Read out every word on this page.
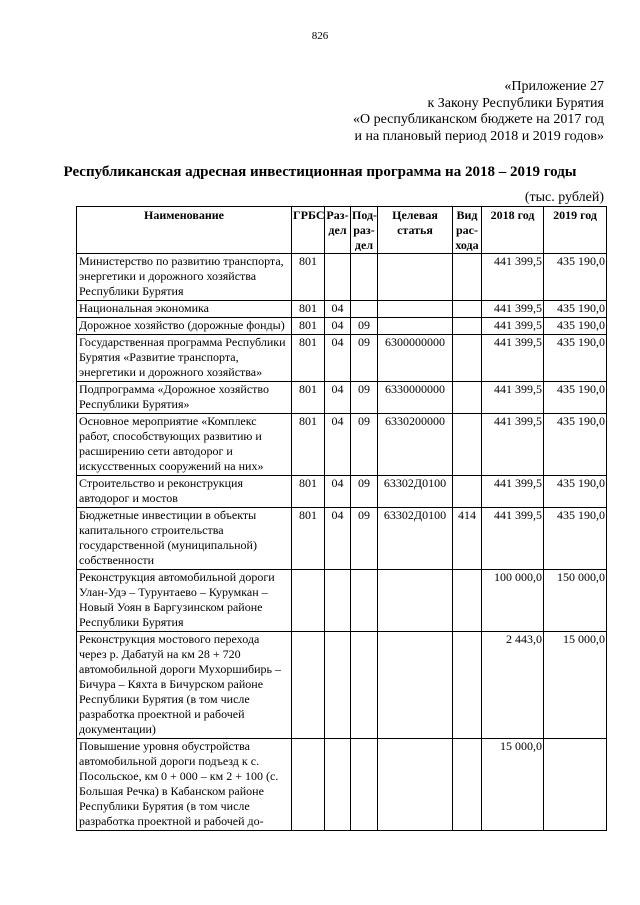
826
«Приложение 27
к Закону Республики Бурятия
«О республиканском бюджете на 2017 год
и на плановый период 2018 и 2019 годов»
Республиканская адресная инвестиционная программа на 2018 – 2019 годы
(тыс. рублей)
Наименование	ГРБС	Раз-дел	Под-раз-дел	Целевая статья	Вид рас-хода	2018 год	2019 год
Министерство по развитию транспорта, энергетики и дорожного хозяйства Республики Бурятия	801					441 399,5	435 190,0
Национальная экономика	801	04				441 399,5	435 190,0
Дорожное хозяйство (дорожные фонды)	801	04	09			441 399,5	435 190,0
Государственная программа Республики Бурятия «Развитие транспорта, энергетики и дорожного хозяйства»	801	04	09	6300000000		441 399,5	435 190,0
Подпрограмма «Дорожное хозяйство Республики Бурятия»	801	04	09	6330000000		441 399,5	435 190,0
Основное мероприятие «Комплекс работ, способствующих развитию и расширению сети автодорог и искусственных сооружений на них»	801	04	09	6330200000		441 399,5	435 190,0
Строительство и реконструкция автодорог и мостов	801	04	09	63302Д0100		441 399,5	435 190,0
Бюджетные инвестиции в объекты капитального строительства государственной (муниципальной) собственности	801	04	09	63302Д0100	414	441 399,5	435 190,0
Реконструкция автомобильной дороги Улан-Удэ – Турунтаево – Курумкан – Новый Уоян в Баргузинском районе Республики Бурятия						100 000,0	150 000,0
Реконструкция мостового перехода через р. Дабатуй на км 28 + 720 автомобильной дороги Мухоршибирь – Бичура – Кяхта в Бичурском районе Республики Бурятия (в том числе разработка проектной и рабочей документации)						2 443,0	15 000,0
Повышение уровня обустройства автомобильной дороги подъезд к с. Посольское, км 0 + 000 – км 2 + 100 (с. Большая Речка) в Кабанском районе Республики Бурятия (в том числе разработка проектной и рабочей до-						15 000,0	
